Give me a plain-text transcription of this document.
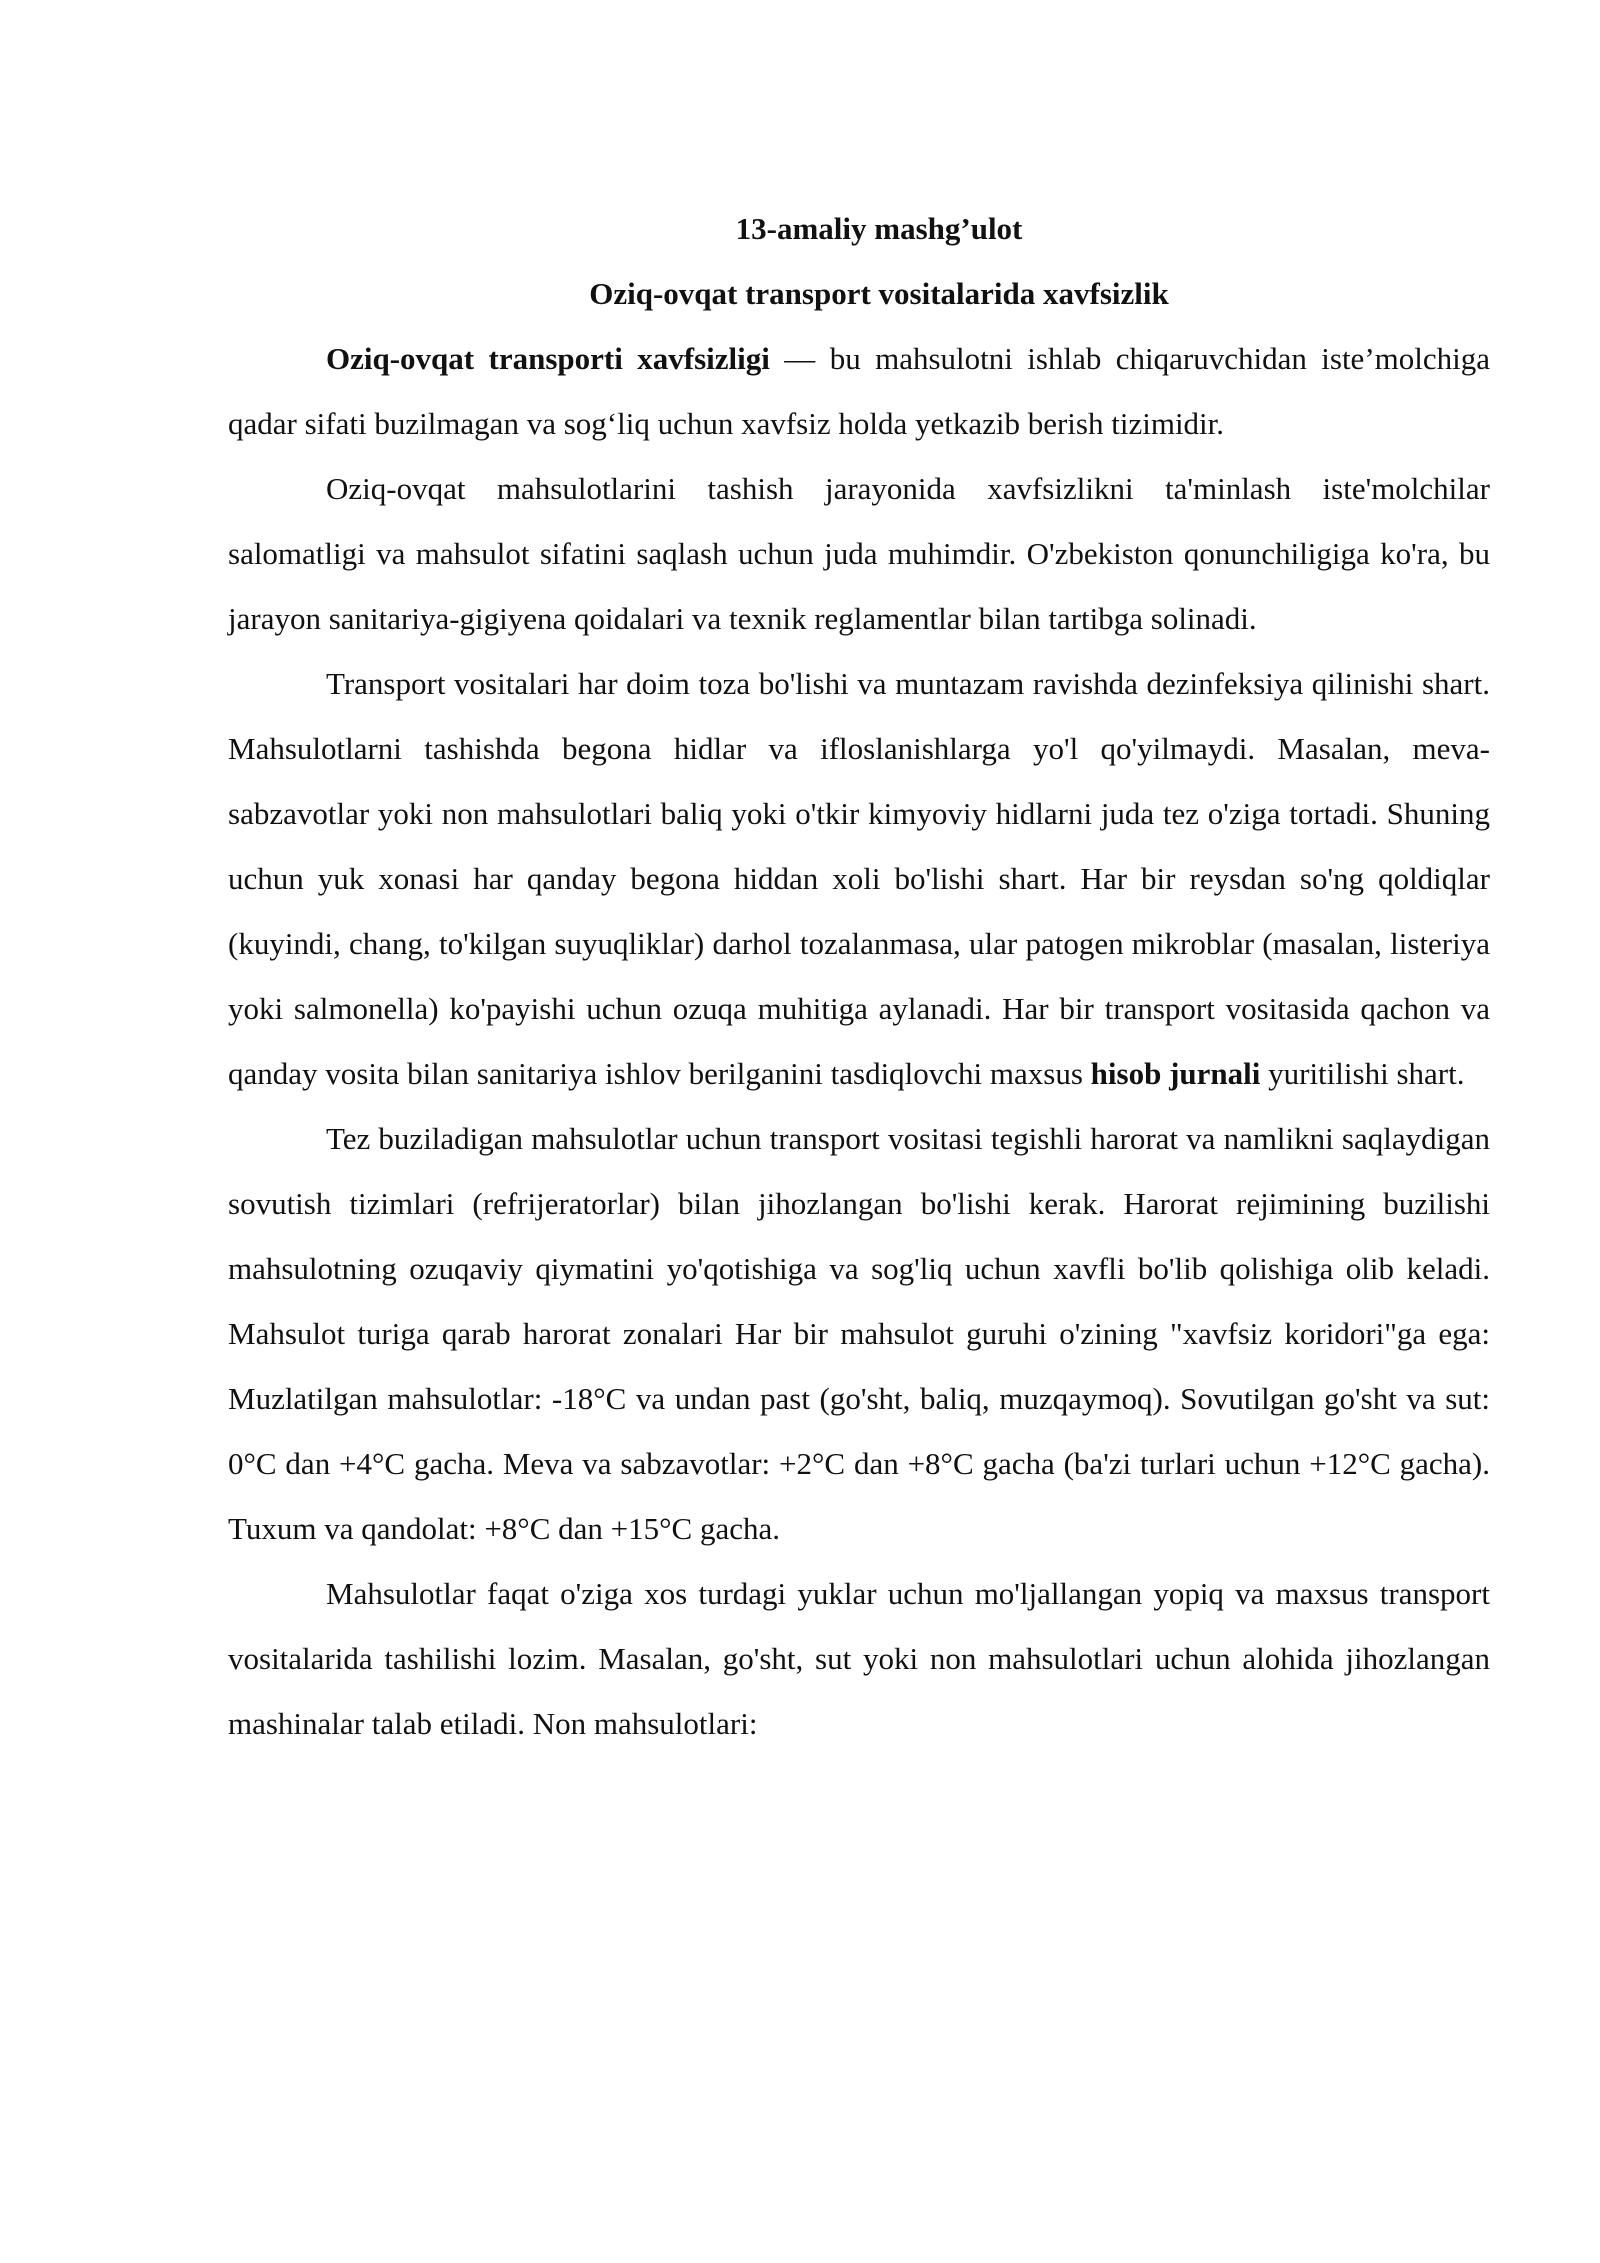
13-amaliy mashg’ulot
Oziq-ovqat transport vositalarida xavfsizlik

Oziq-ovqat transporti xavfsizligi — bu mahsulotni ishlab chiqaruvchidan iste’molchiga qadar sifati buzilmagan va sog‘liq uchun xavfsiz holda yetkazib berish tizimidir.

Oziq-ovqat mahsulotlarini tashish jarayonida xavfsizlikni ta'minlash iste'molchilar salomatligi va mahsulot sifatini saqlash uchun juda muhimdir. O'zbekiston qonunchiligiga ko'ra, bu jarayon sanitariya-gigiyena qoidalari va texnik reglamentlar bilan tartibga solinadi.

Transport vositalari har doim toza bo'lishi va muntazam ravishda dezinfeksiya qilinishi shart. Mahsulotlarni tashishda begona hidlar va ifloslanishlarga yo'l qo'yilmaydi. Masalan, meva-sabzavotlar yoki non mahsulotlari baliq yoki o'tkir kimyoviy hidlarni juda tez o'ziga tortadi. Shuning uchun yuk xonasi har qanday begona hiddan xoli bo'lishi shart. Har bir reysdan so'ng qoldiqlar (kuyindi, chang, to'kilgan suyuqliklar) darhol tozalanmasa, ular patogen mikroblar (masalan, listeriya yoki salmonella) ko'payishi uchun ozuqa muhitiga aylanadi. Har bir transport vositasida qachon va qanday vosita bilan sanitariya ishlov berilganini tasdiqlovchi maxsus hisob jurnali yuritilishi shart.

Tez buziladigan mahsulotlar uchun transport vositasi tegishli harorat va namlikni saqlaydigan sovutish tizimlari (refrijeratorlar) bilan jihozlangan bo'lishi kerak. Harorat rejimining buzilishi mahsulotning ozuqaviy qiymatini yo'qotishiga va sog'liq uchun xavfli bo'lib qolishiga olib keladi. Mahsulot turiga qarab harorat zonalari Har bir mahsulot guruhi o'zining "xavfsiz koridori"ga ega: Muzlatilgan mahsulotlar: -18°C va undan past (go'sht, baliq, muzqaymoq). Sovutilgan go'sht va sut: 0°C dan +4°C gacha. Meva va sabzavotlar: +2°C dan +8°C gacha (ba'zi turlari uchun +12°C gacha). Tuxum va qandolat: +8°C dan +15°C gacha.

Mahsulotlar faqat o'ziga xos turdagi yuklar uchun mo'ljallangan yopiq va maxsus transport vositalarida tashilishi lozim. Masalan, go'sht, sut yoki non mahsulotlari uchun alohida jihozlangan mashinalar talab etiladi. Non mahsulotlari:
